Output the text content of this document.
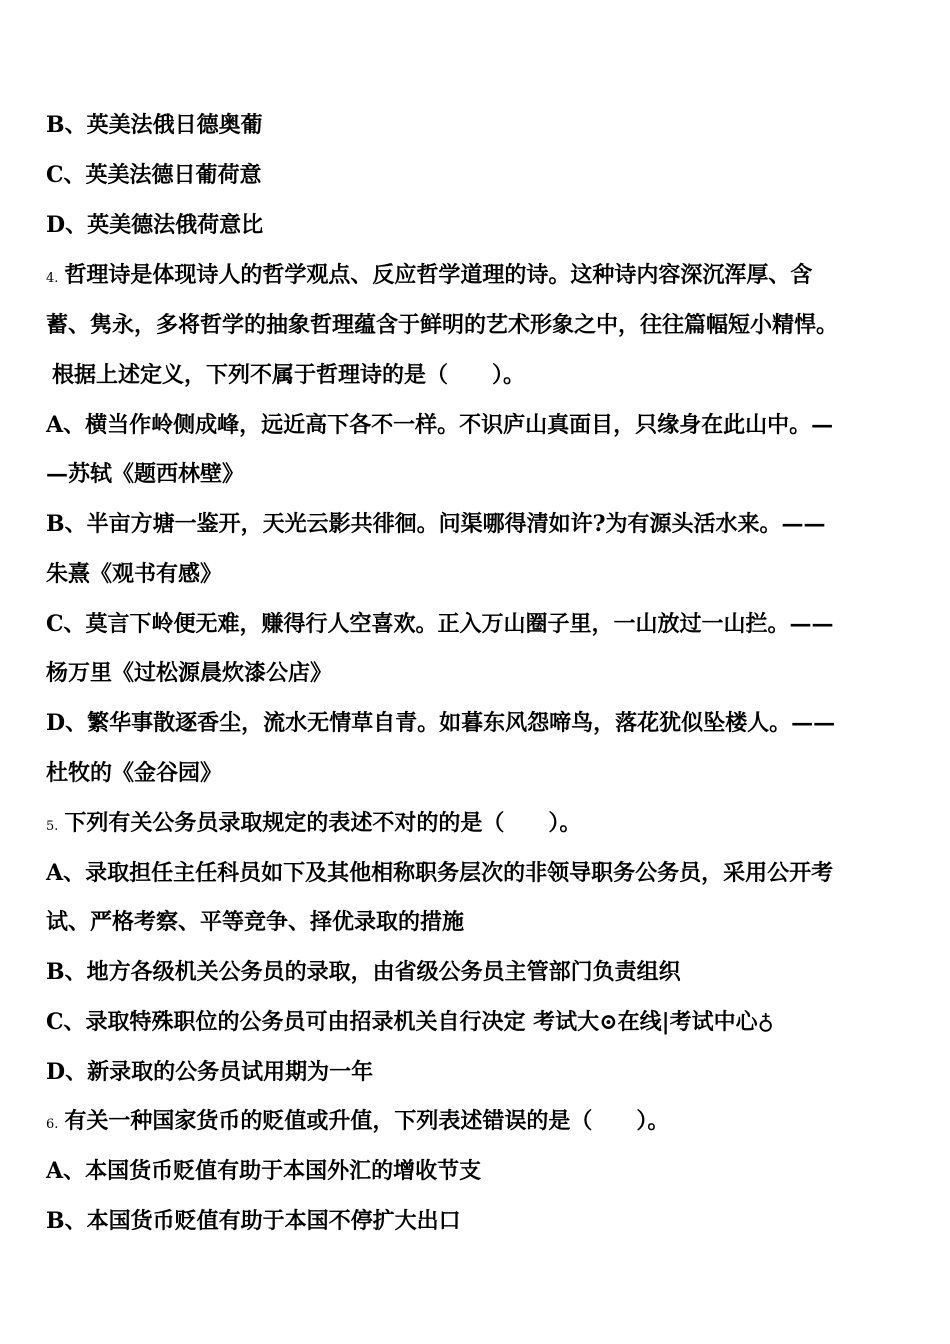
B、英美法俄日德奥葡
C、英美法德日葡荷意
D、英美德法俄荷意比
4. 哲理诗是体现诗人的哲学观点、反应哲学道理的诗。这种诗内容深沉浑厚、含
蓄、隽永，多将哲学的抽象哲理蕴含于鲜明的艺术形象之中，往往篇幅短小精悍。
根据上述定义，下列不属于哲理诗的是（　　）。
A、横当作岭侧成峰，远近高下各不一样。不识庐山真面目，只缘身在此山中。—
—苏轼《题西林壁》
B、半亩方塘一鉴开，天光云影共徘徊。问渠哪得清如许?为有源头活水来。——
朱熹《观书有感》
C、莫言下岭便无难，赚得行人空喜欢。正入万山圈子里，一山放过一山拦。——
杨万里《过松源晨炊漆公店》
D、繁华事散逐香尘，流水无情草自青。如暮东风怨啼鸟，落花犹似坠楼人。——
杜牧的《金谷园》
5. 下列有关公务员录取规定的表述不对的的是（　　）。
A、录取担任主任科员如下及其他相称职务层次的非领导职务公务员，采用公开考
试、严格考察、平等竞争、择优录取的措施
B、地方各级机关公务员的录取，由省级公务员主管部门负责组织
C、录取特殊职位的公务员可由招录机关自行决定 考试大⊙在线|考试中心♁
D、新录取的公务员试用期为一年
6. 有关一种国家货币的贬值或升值，下列表述错误的是（　　）。
A、本国货币贬值有助于本国外汇的增收节支
B、本国货币贬值有助于本国不停扩大出口
